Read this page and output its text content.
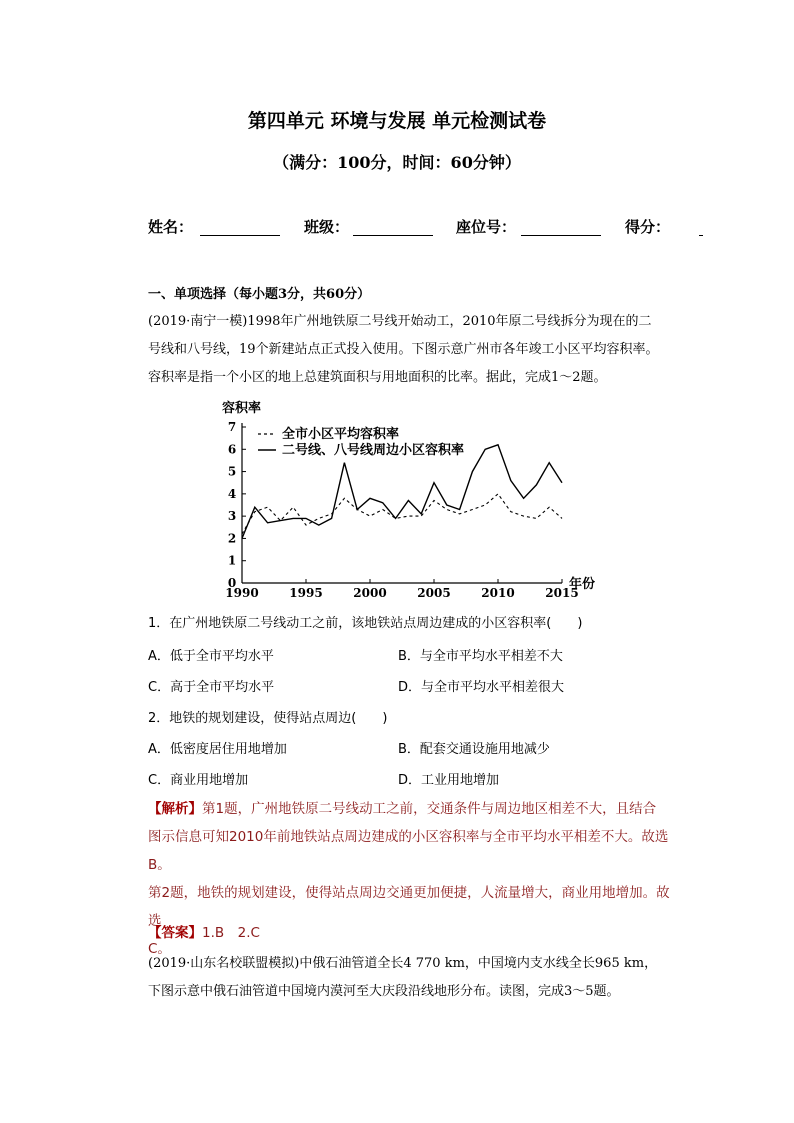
第四单元 环境与发展 单元检测试卷
（满分：100分，时间：60分钟）
姓名：	班级：	座位号：	得分：
一、单项选择（每小题3分，共60分）
(2019·南宁一模)1998年广州地铁原二号线开始动工，2010年原二号线拆分为现在的二
号线和八号线，19个新建站点正式投入使用。下图示意广州市各年竣工小区平均容积率。
容积率是指一个小区的地上总建筑面积与用地面积的比率。据此，完成1～2题。
容积率
年份
0
1
2
3
4
5
6
7
1990	1995	2000	2005	2010	2015
全市小区平均容积率
二号线、八号线周边小区容积率
1．在广州地铁原二号线动工之前，该地铁站点周边建成的小区容积率(　　)
A．低于全市平均水平	B．与全市平均水平相差不大
C．高于全市平均水平	D．与全市平均水平相差很大
2．地铁的规划建设，使得站点周边(　　)
A．低密度居住用地增加	B．配套交通设施用地减少
C．商业用地增加	D．工业用地增加
【解析】第1题，广州地铁原二号线动工之前，交通条件与周边地区相差不大，且结合
图示信息可知2010年前地铁站点周边建成的小区容积率与全市平均水平相差不大。故选B。
第2题，地铁的规划建设，使得站点周边交通更加便捷，人流量增大，商业用地增加。故选
C。
【答案】1.B　2.C
(2019·山东名校联盟模拟)中俄石油管道全长4 770 km，中国境内支水线全长965 km，
下图示意中俄石油管道中国境内漠河至大庆段沿线地形分布。读图，完成3～5题。
